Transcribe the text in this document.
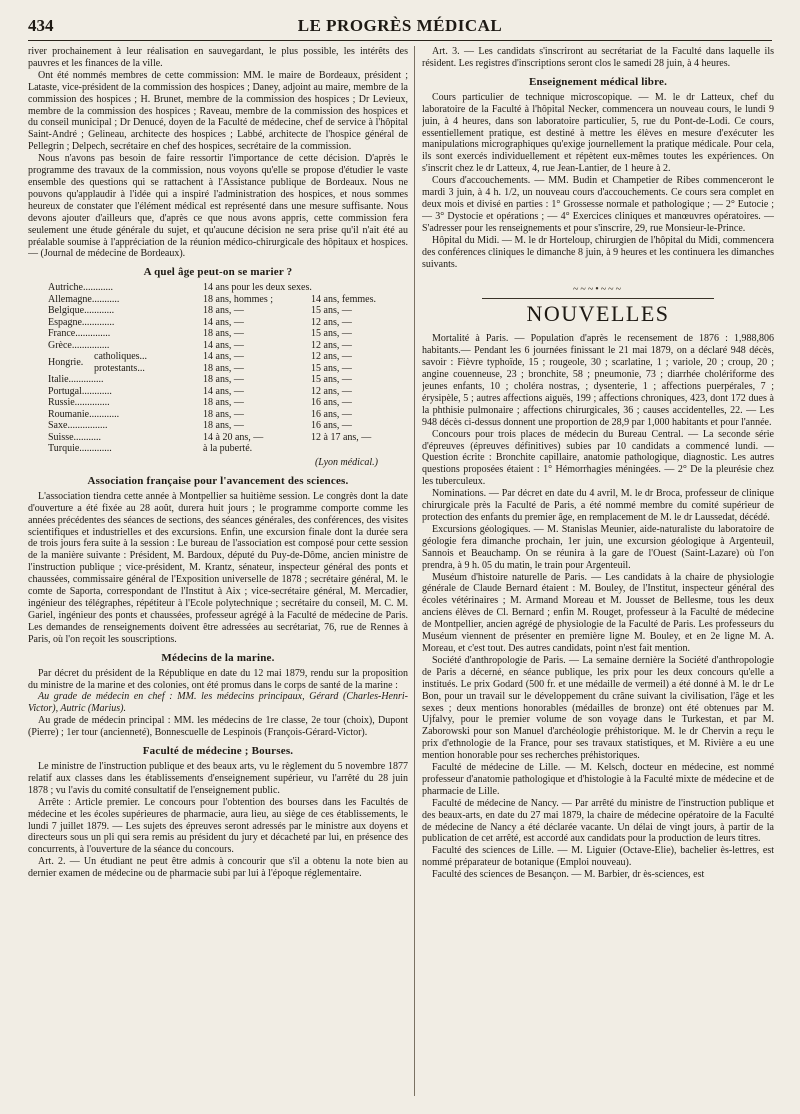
434	LE PROGRÈS MÉDICAL

river prochainement à leur réalisation en sauvegardant, le plus possible, les intérêts des pauvres et les finances de la ville.

Ont été nommés membres de cette commission: MM. le maire de Bordeaux, président ; Lataste, vice-président de la commission des hospices ; Daney, adjoint au maire, membre de la commission des hospices ; H. Brunet, membre de la commission des hospices ; Dr Levieux, membre de la commission des hospices ; Raveau, membre de la commission des hospices et du conseil municipal ; Dr Denucé, doyen de la Faculté de médecine, chef de service à l'hôpital Saint-André ; Gelineau, architecte des hospices ; Labbé, architecte de l'hospice général de Pellegrin ; Delpech, secrétaire en chef des hospices, secrétaire de la commission.

Nous n'avons pas besoin de faire ressortir l'importance de cette décision. D'après le programme des travaux de la commission, nous voyons qu'elle se propose d'étudier le vaste ensemble des questions qui se rattachent à l'Assistance publique de Bordeaux. Nous ne pouvons qu'applaudir à l'idée qui a inspiré l'administration des hospices, et nous sommes heureux de constater que l'élément médical est représenté dans une mesure suffisante. Nous devons ajouter d'ailleurs que, d'après ce que nous avons appris, cette commission fera seulement une étude générale du sujet, et qu'aucune décision ne sera prise qu'il n'ait été au préalable soumise à l'appréciation de la réunion médico-chirurgicale des hôpitaux et hospices. — (Journal de médecine de Bordeaux).

A quel âge peut-on se marier ?
Autriche............	14 ans pour les deux sexes.
Allemagne...........	18 ans, hommes ;	14 ans, femmes.
Belgique............	18 ans, —	15 ans, —
Espagne.............	14 ans, —	12 ans, —
France..............	18 ans, —	15 ans, —
Grèce...............	14 ans, —	12 ans, —
Hongrie.
catholiques...	14 ans, —	12 ans, —
protestants...	18 ans, —	15 ans, —
Italie..............	18 ans, —	15 ans, —
Portugal............	14 ans, —	12 ans, —
Russie..............	18 ans, —	16 ans, —
Roumanie............	18 ans, —	16 ans, —
Saxe................	18 ans, —	16 ans, —
Suisse...........	14 à 20 ans, —	12 à 17 ans, —
Turquie.............	à la puberté.
(Lyon médical.)
Association française pour l'avancement des sciences.

L'association tiendra cette année à Montpellier sa huitième session. Le congrès dont la date d'ouverture a été fixée au 28 août, durera huit jours ; le programme comporte comme les années précédentes des séances de sections, des séances générales, des conférences, des visites scientifiques et industrielles et des excursions. Enfin, une excursion finale dont la durée sera de trois jours fera suite à la session : Le bureau de l'association est composé pour cette session de la manière suivante : Président, M. Bardoux, député du Puy-de-Dôme, ancien ministre de l'instruction publique ; vice-président, M. Krantz, sénateur, inspecteur général des ponts et chaussées, commissaire général de l'Exposition universelle de 1878 ; secrétaire général, M. le comte de Saporta, correspondant de l'Institut à Aix ; vice-secrétaire général, M. Mercadier, ingénieur des télégraphes, répétiteur à l'Ecole polytechnique ; secrétaire du conseil, M. C. M. Gariel, ingénieur des ponts et chaussées, professeur agrégé à la Faculté de médecine de Paris. Les demandes de renseignements doivent être adressées au secrétariat, 76, rue de Rennes à Paris, où l'on reçoit les souscriptions.

Médecins de la marine.

Par décret du président de la République en date du 12 mai 1879, rendu sur la proposition du ministre de la marine et des colonies, ont été promus dans le corps de santé de la marine :

Au grade de médecin en chef : MM. les médecins principaux, Gérard (Charles-Henri-Victor), Autric (Marius).

Au grade de médecin principal : MM. les médecins de 1re classe, 2e tour (choix), Dupont (Pierre) ; 1er tour (ancienneté), Bonnescuelle de Lespinois (François-Gérard-Victor).

Faculté de médecine ; Bourses.

Le ministre de l'instruction publique et des beaux arts, vu le règlement du 5 novembre 1877 relatif aux classes dans les établissements d'enseignement supérieur, vu l'arrêté du 28 juin 1878 ; vu l'avis du comité consultatif de l'enseignement public.

Arrête : Article premier. Le concours pour l'obtention des bourses dans les Facultés de médecine et les écoles supérieures de pharmacie, aura lieu, au siège de ces établissements, le lundi 7 juillet 1879. — Les sujets des épreuves seront adressés par le ministre aux doyens et directeurs sous un pli qui sera remis au président du jury et décacheté par lui, en présence des concurrents, à l'ouverture de la séance du concours.

Art. 2. — Un étudiant ne peut être admis à concourir que s'il a obtenu la note bien au dernier examen de médecine ou de pharmacie subi par lui à l'époque réglementaire.

Art. 3. — Les candidats s'inscriront au secrétariat de la Faculté dans laquelle ils résident. Les registres d'inscriptions seront clos le samedi 28 juin, à 4 heures.

Enseignement médical libre.

Cours particulier de technique microscopique. — M. le dr Latteux, chef du laboratoire de la Faculté à l'hôpital Necker, commencera un nouveau cours, le lundi 9 juin, à 4 heures, dans son laboratoire particulier, 5, rue du Pont-de-Lodi. Ce cours, essentiellement pratique, est destiné à mettre les élèves en mesure d'exécuter les manipulations micrographiques qu'exige journellement la pratique médicale. Pour cela, ils sont exercés individuellement et répètent eux-mêmes toutes les expériences. On s'inscrit chez le dr Latteux, 4, rue Jean-Lantier, de 1 heure à 2.

Cours d'accouchements. — MM. Budin et Champetier de Ribes commenceront le mardi 3 juin, à 4 h. 1/2, un nouveau cours d'accouchements. Ce cours sera complet en deux mois et divisé en parties : 1° Grossesse normale et pathologique ; — 2° Eutocie ; — 3° Dystocie et opérations ; — 4° Exercices cliniques et manœuvres opératoires. — S'adresser pour les renseignements et pour s'inscrire, 29, rue Monsieur-le-Prince.

Hôpital du Midi. — M. le dr Horteloup, chirurgien de l'hôpital du Midi, commencera des conférences cliniques le dimanche 8 juin, à 9 heures et les continuera les dimanches suivants.

~~~•~~~
NOUVELLES

Mortalité à Paris. — Population d'après le recensement de 1876 : 1,988,806 habitants.— Pendant les 6 journées finissant le 21 mai 1879, on a déclaré 948 décès, savoir : Fièvre typhoïde, 15 ; rougeole, 30 ; scarlatine, 1 ; variole, 20 ; croup, 20 ; angine couenneuse, 23 ; bronchite, 58 ; pneumonie, 73 ; diarrhée cholériforme des jeunes enfants, 10 ; choléra nostras, ; dysenterie, 1 ; affections puerpérales, 7 ; érysipèle, 5 ; autres affections aiguës, 199 ; affections chroniques, 423, dont 172 dues à la phthisie pulmonaire ; affections chirurgicales, 36 ; causes accidentelles, 22. — Les 948 décès ci-dessus donnent une proportion de 28,9 par 1,000 habitants et pour l'année.

Concours pour trois places de médecin du Bureau Central. — La seconde série d'épreuves (épreuves définitives) subies par 10 candidats a commencé lundi. — Question écrite : Bronchite capillaire, anatomie pathologique, diagnostic. Les autres questions proposées étaient : 1° Hémorrhagies méningées. — 2° De la pleurésie chez les tuberculeux.

Nominations. — Par décret en date du 4 avril, M. le dr Broca, professeur de clinique chirurgicale près la Faculté de Paris, a été nommé membre du comité supérieur de protection des enfants du premier âge, en remplacement de M. le dr Laussedat, décédé.

Excursions géologiques. — M. Stanislas Meunier, aide-naturaliste du laboratoire de géologie fera dimanche prochain, 1er juin, une excursion géologique à Argenteuil, Sannois et Beauchamp. On se réunira à la gare de l'Ouest (Saint-Lazare) où l'on prendra, à 9 h. 05 du matin, le train pour Argenteuil.

Muséum d'histoire naturelle de Paris. — Les candidats à la chaire de physiologie générale de Claude Bernard étaient : M. Bouley, de l'Institut, inspecteur général des écoles vétérinaires ; M. Armand Moreau et M. Jousset de Bellesme, tous les deux anciens élèves de Cl. Bernard ; enfin M. Rouget, professeur à la Faculté de médecine de Montpellier, ancien agrégé de physiologie de la Faculté de Paris. Les professeurs du Muséum viennent de présenter en première ligne M. Bouley, et en 2e ligne M. A. Moreau, et c'est tout. Des autres candidats, point n'est fait mention.

Société d'anthropologie de Paris. — La semaine dernière la Société d'anthropologie de Paris a décerné, en séance publique, les prix pour les deux concours qu'elle a institués. Le prix Godard (500 fr. et une médaille de vermeil) a été donné à M. le dr Le Bon, pour un travail sur le développement du crâne suivant la civilisation, l'âge et les sexes ; deux mentions honorables (médailles de bronze) ont été obtenues par M. Ujfalvy, pour le premier volume de son voyage dans le Turkestan, et par M. Zaborowski pour son Manuel d'archéologie préhistorique. M. le dr Chervin a reçu le prix d'ethnologie de la France, pour ses travaux statistiques, et M. Rivière a eu une mention honorable pour ses recherches préhistoriques.

Faculté de médecine de Lille. — M. Kelsch, docteur en médecine, est nommé professeur d'anatomie pathologique et d'histologie à la Faculté mixte de médecine et de pharmacie de Lille.

Faculté de médecine de Nancy. — Par arrêté du ministre de l'instruction publique et des beaux-arts, en date du 27 mai 1879, la chaire de médecine opératoire de la Faculté de médecine de Nancy a été déclarée vacante. Un délai de vingt jours, à partir de la publication de cet arrêté, est accordé aux candidats pour la production de leurs titres.

Faculté des sciences de Lille. — M. Liguier (Octave-Elie), bachelier ès-lettres, est nommé préparateur de botanique (Emploi nouveau).

Faculté des sciences de Besançon. — M. Barbier, dr ès-sciences, est
